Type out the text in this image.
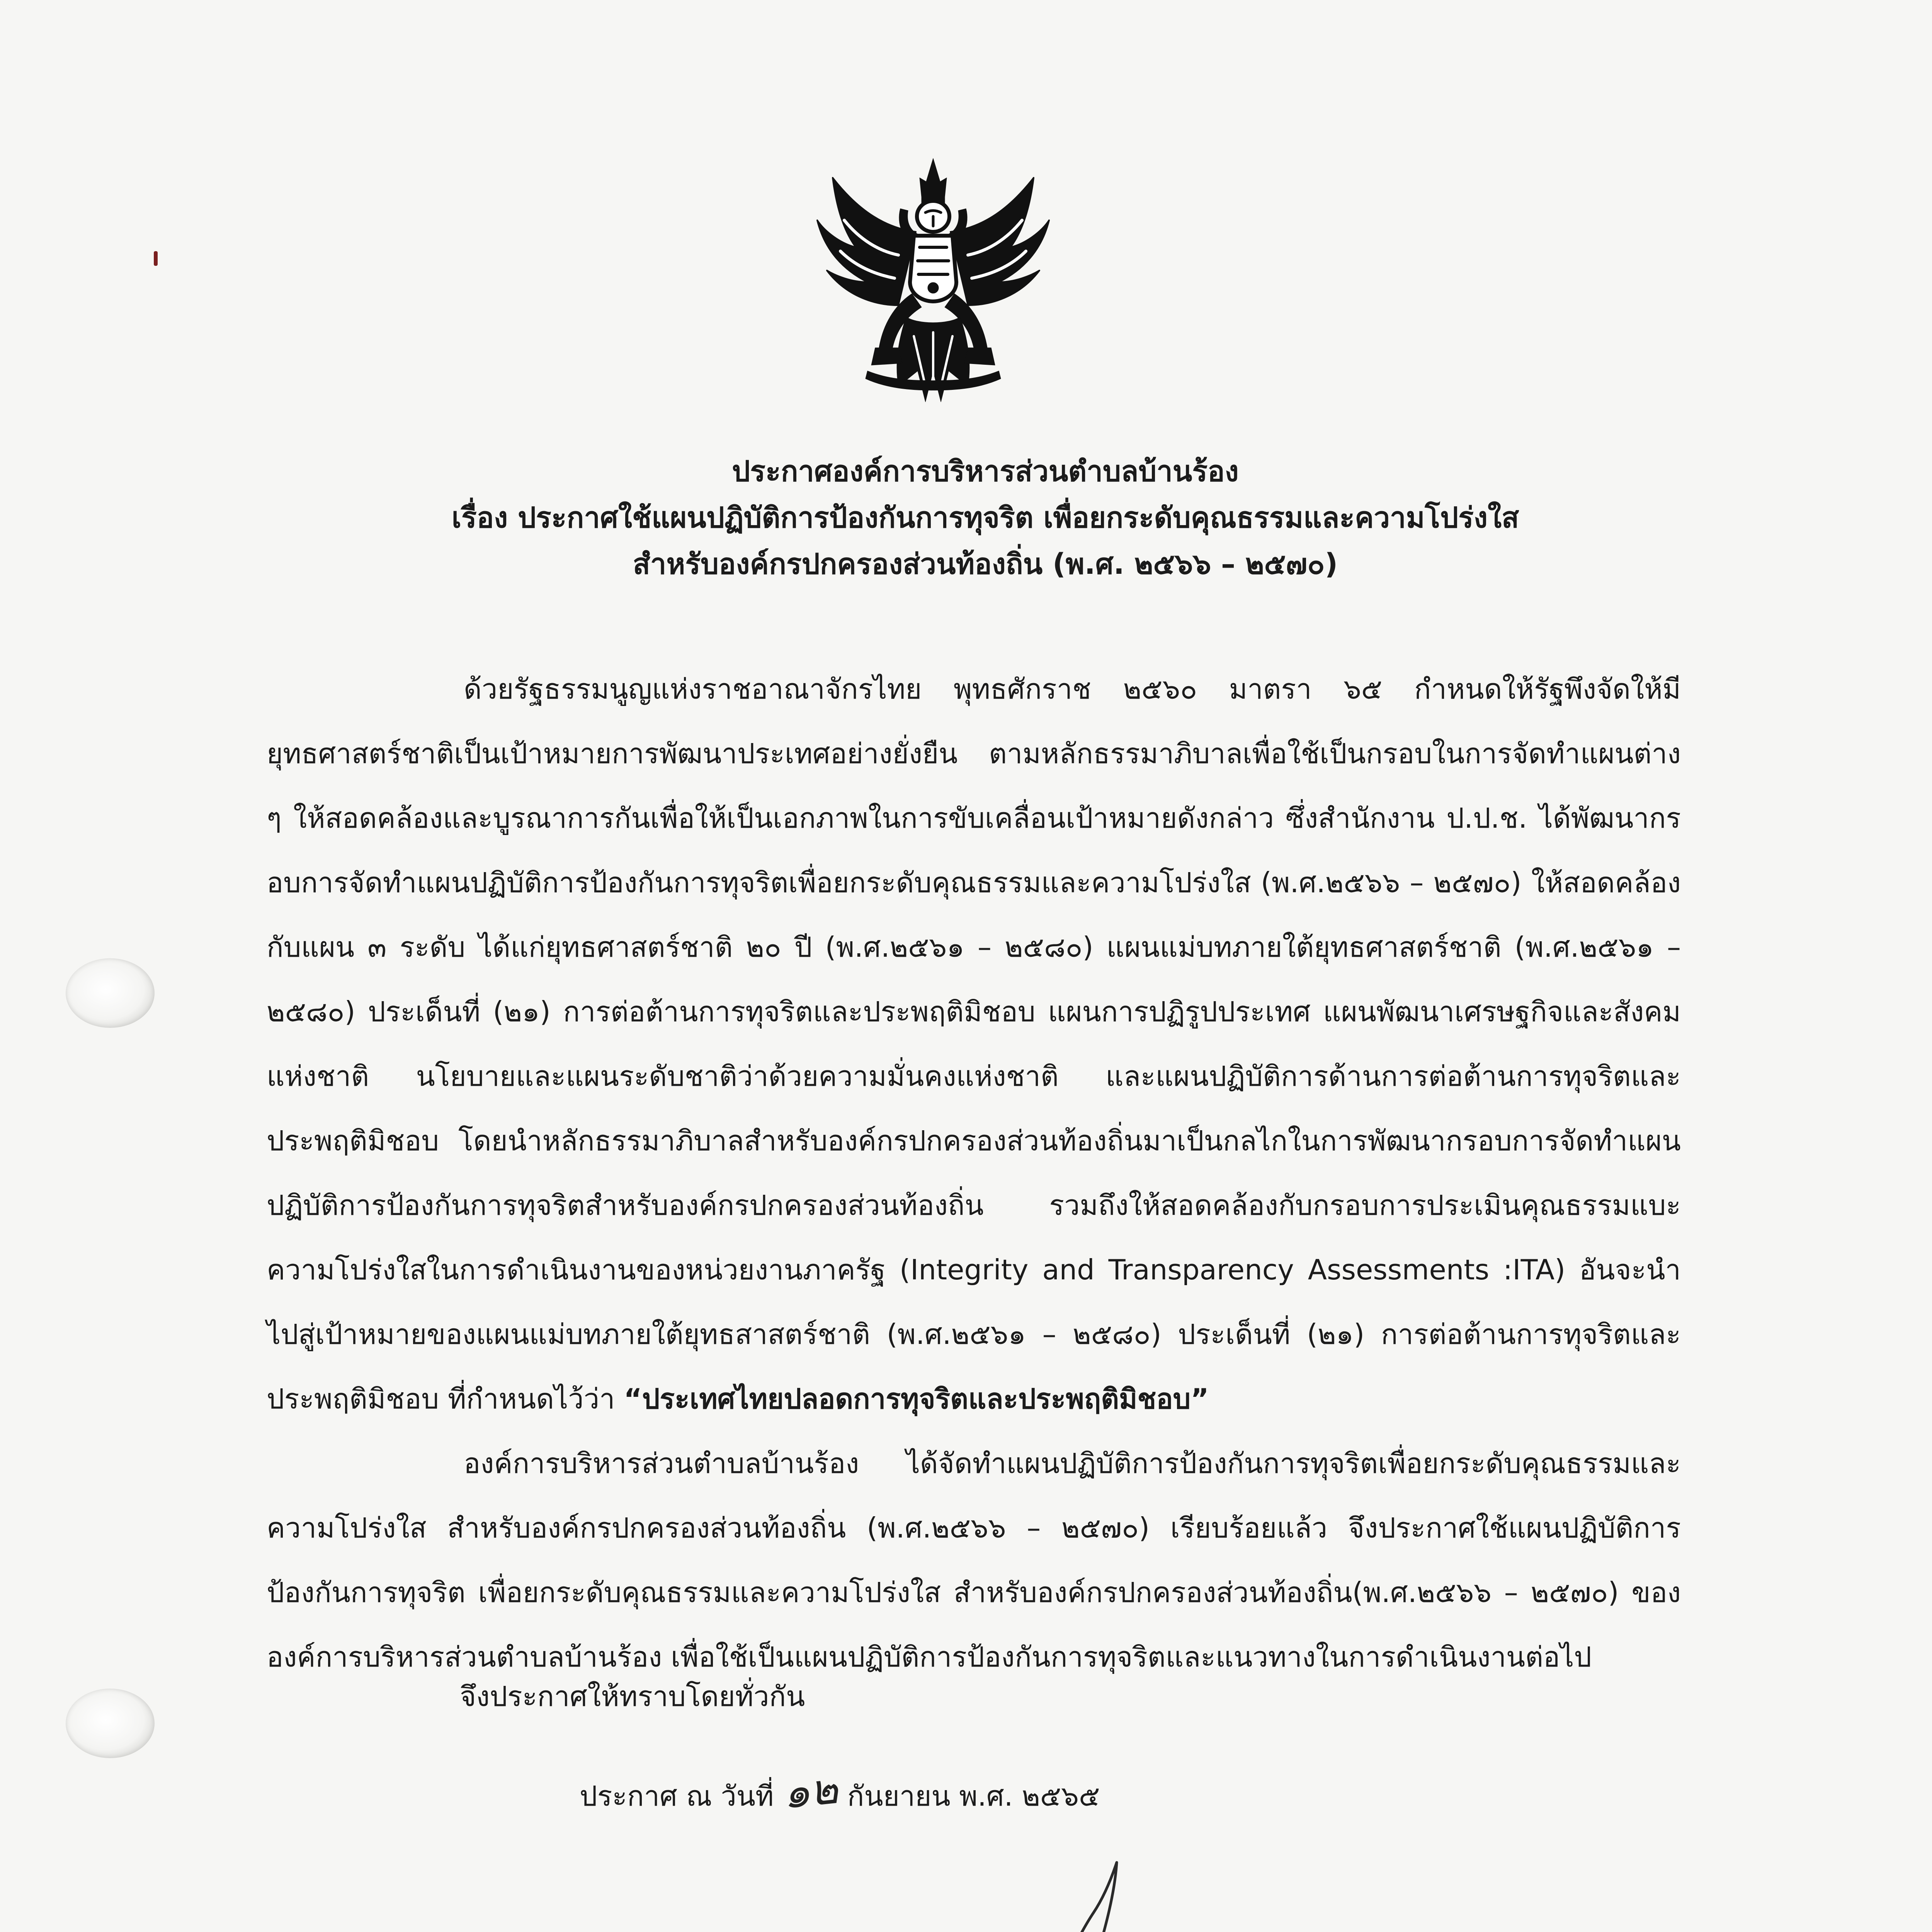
ประกาศองค์การบริหารส่วนตำบลบ้านร้อง
เรื่อง ประกาศใช้แผนปฏิบัติการป้องกันการทุจริต เพื่อยกระดับคุณธรรมและความโปร่งใส
สำหรับองค์กรปกครองส่วนท้องถิ่น (พ.ศ. ๒๕๖๖ – ๒๕๗๐)

ด้วยรัฐธรรมนูญแห่งราชอาณาจักรไทย พุทธศักราช ๒๕๖๐ มาตรา ๖๕ กำหนดให้รัฐพึงจัดให้มียุทธศาสตร์ชาติเป็นเป้าหมายการพัฒนาประเทศอย่างยั่งยืน ตามหลักธรรมาภิบาลเพื่อใช้เป็นกรอบในการจัดทำแผนต่าง ๆ ให้สอดคล้องและบูรณาการกันเพื่อให้เป็นเอกภาพในการขับเคลื่อนเป้าหมายดังกล่าว ซึ่งสำนักงาน ป.ป.ช. ได้พัฒนากรอบการจัดทำแผนปฏิบัติการป้องกันการทุจริตเพื่อยกระดับคุณธรรมและความโปร่งใส (พ.ศ.๒๕๖๖ – ๒๕๗๐) ให้สอดคล้องกับแผน ๓ ระดับ ได้แก่ยุทธศาสตร์ชาติ ๒๐ ปี (พ.ศ.๒๕๖๑ – ๒๕๘๐) แผนแม่บทภายใต้ยุทธศาสตร์ชาติ (พ.ศ.๒๕๖๑ – ๒๕๘๐) ประเด็นที่ (๒๑) การต่อต้านการทุจริตและประพฤติมิชอบ แผนการปฏิรูปประเทศ แผนพัฒนาเศรษฐกิจและสังคมแห่งชาติ นโยบายและแผนระดับชาติว่าด้วยความมั่นคงแห่งชาติ และแผนปฏิบัติการด้านการต่อต้านการทุจริตและประพฤติมิชอบ โดยนำหลักธรรมาภิบาลสำหรับองค์กรปกครองส่วนท้องถิ่นมาเป็นกลไกในการพัฒนากรอบการจัดทำแผนปฏิบัติการป้องกันการทุจริตสำหรับองค์กรปกครองส่วนท้องถิ่น รวมถึงให้สอดคล้องกับกรอบการประเมินคุณธรรมแบะความโปร่งใสในการดำเนินงานของหน่วยงานภาครัฐ (Integrity and Transparency Assessments :ITA) อันจะนำไปสู่เป้าหมายของแผนแม่บทภายใต้ยุทธสาสตร์ชาติ (พ.ศ.๒๕๖๑ – ๒๕๘๐) ประเด็นที่ (๒๑) การต่อต้านการทุจริตและประพฤติมิชอบ ที่กำหนดไว้ว่า “ประเทศไทยปลอดการทุจริตและประพฤติมิชอบ”

องค์การบริหารส่วนตำบลบ้านร้อง ได้จัดทำแผนปฏิบัติการป้องกันการทุจริตเพื่อยกระดับคุณธรรมและความโปร่งใส สำหรับองค์กรปกครองส่วนท้องถิ่น (พ.ศ.๒๕๖๖ – ๒๕๗๐) เรียบร้อยแล้ว จึงประกาศใช้แผนปฏิบัติการป้องกันการทุจริต เพื่อยกระดับคุณธรรมและความโปร่งใส สำหรับองค์กรปกครองส่วนท้องถิ่น(พ.ศ.๒๕๖๖ – ๒๕๗๐) ขององค์การบริหารส่วนตำบลบ้านร้อง เพื่อใช้เป็นแผนปฏิบัติการป้องกันการทุจริตและแนวทางในการดำเนินงานต่อไป

จึงประกาศให้ทราบโดยทั่วกัน
ประกาศ ณ วันที่ ๑๒ กันยายน พ.ศ. ๒๕๖๕
